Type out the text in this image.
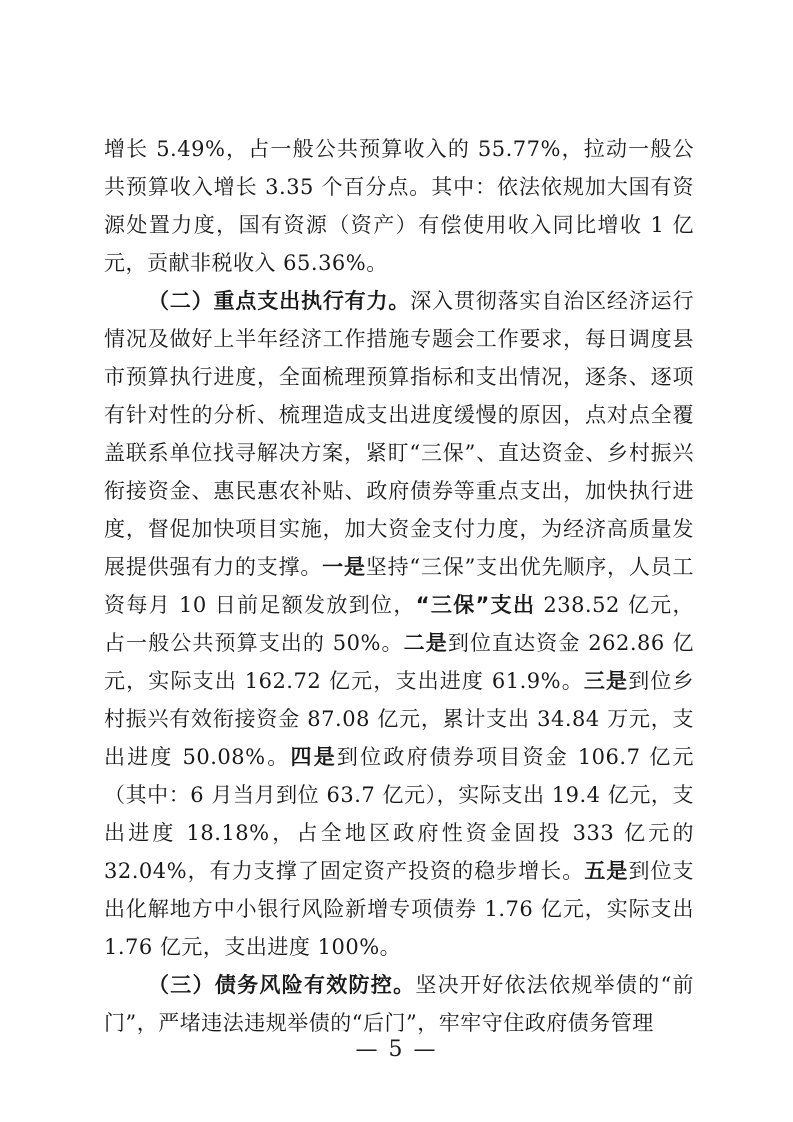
增长 5.49%，占一般公共预算收入的 55.77%，拉动一般公共预算收入增长 3.35 个百分点。其中：依法依规加大国有资源处置力度，国有资源（资产）有偿使用收入同比增收 1 亿元，贡献非税收入 65.36%。

（二）重点支出执行有力。深入贯彻落实自治区经济运行情况及做好上半年经济工作措施专题会工作要求，每日调度县市预算执行进度，全面梳理预算指标和支出情况，逐条、逐项有针对性的分析、梳理造成支出进度缓慢的原因，点对点全覆盖联系单位找寻解决方案，紧盯“三保”、直达资金、乡村振兴衔接资金、惠民惠农补贴、政府债券等重点支出，加快执行进度，督促加快项目实施，加大资金支付力度，为经济高质量发展提供强有力的支撑。一是坚持“三保”支出优先顺序，人员工资每月 10 日前足额发放到位，“三保”支出 238.52 亿元，占一般公共预算支出的 50%。二是到位直达资金 262.86 亿元，实际支出 162.72 亿元，支出进度 61.9%。三是到位乡村振兴有效衔接资金 87.08 亿元，累计支出 34.84 万元，支出进度 50.08%。四是到位政府债券项目资金 106.7 亿元（其中：6 月当月到位 63.7 亿元），实际支出 19.4 亿元，支出进度 18.18%，占全地区政府性资金固投 333 亿元的 32.04%，有力支撑了固定资产投资的稳步增长。五是到位支出化解地方中小银行风险新增专项债券 1.76 亿元，实际支出 1.76 亿元，支出进度 100%。

（三）债务风险有效防控。坚决开好依法依规举债的“前门”，严堵违法违规举债的“后门”，牢牢守住政府债务管理

— 5 —
